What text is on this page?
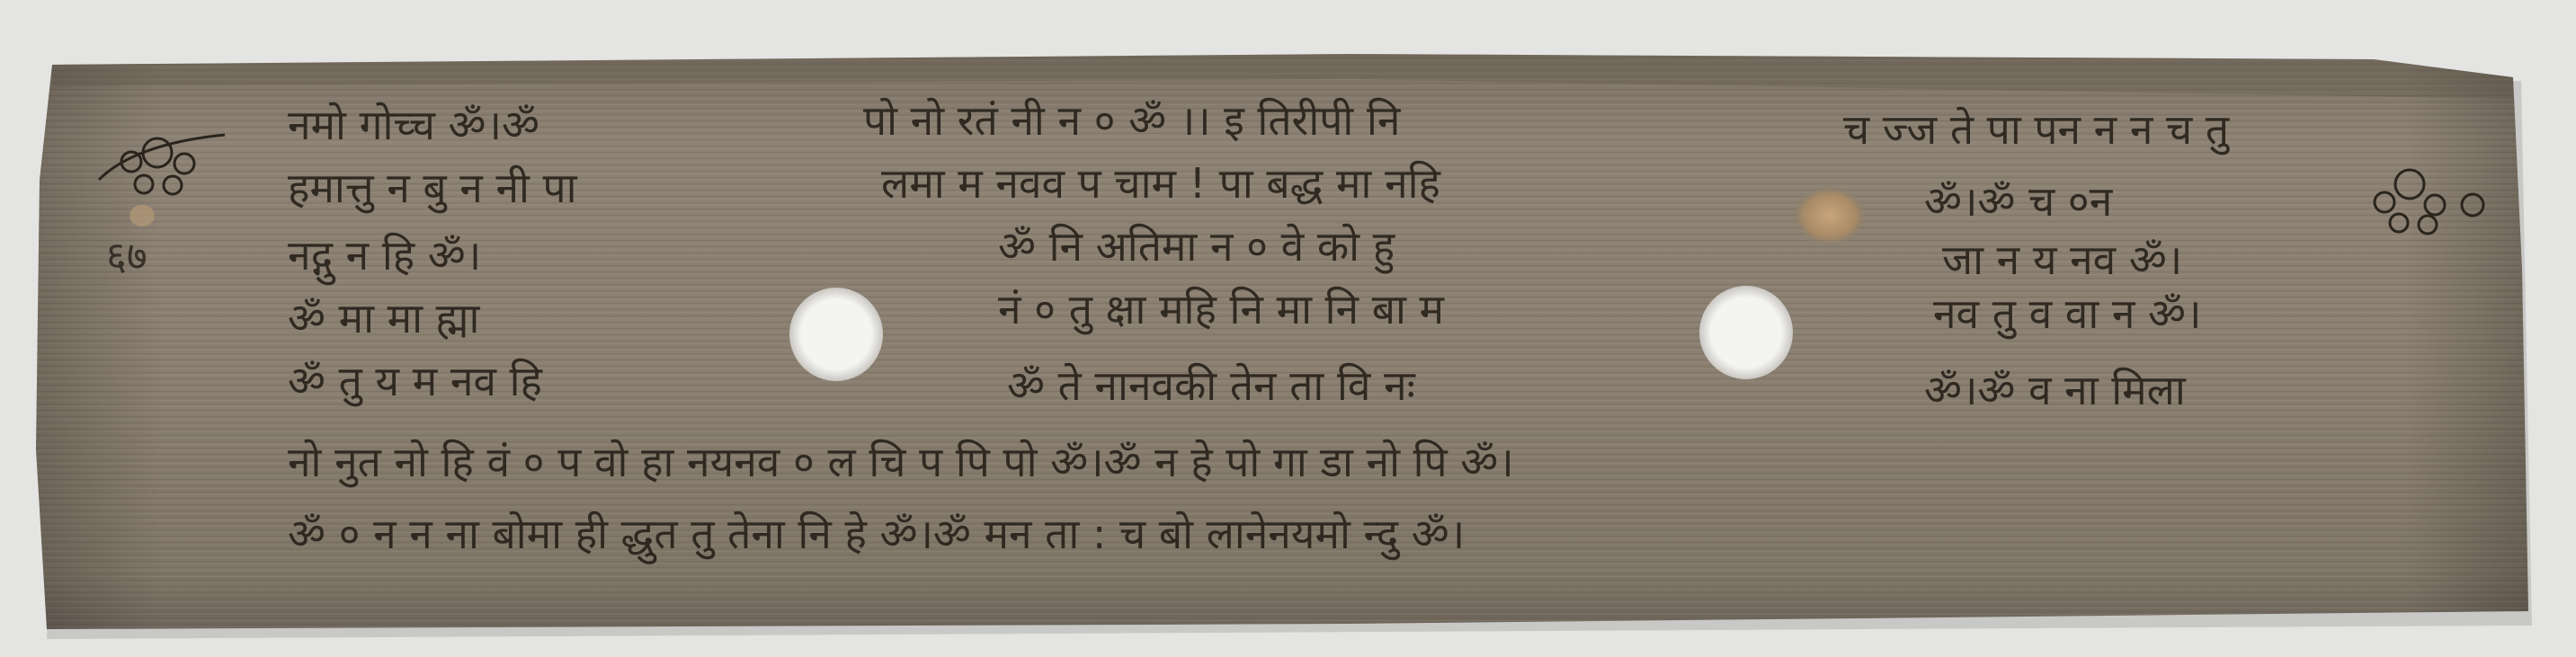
६७
नमो गोच्च ॐ।ॐ
हमात्तु न बु न नी पा
नद्गु न हि ॐ।
ॐ मा मा ह्मा
ॐ तु य म नव हि
पो नो रतं नी न ० ॐ ।। इ तिरीपी नि
लमा म नवव प चाम ! पा बद्ध मा नहि
ॐ नि अतिमा न ० वे को हु
नं ० तु क्षा महि नि मा नि बा म
ॐ ते नानवकी तेन ता वि नः
च ज्ज ते पा पन न न च तु
ॐ।ॐ च ०न
जा न य नव ॐ।
नव तु व वा न ॐ।
ॐ।ॐ व ना मिला
नो नुत नो हि वं ० प वो हा नयनव ० ल चि प पि पो ॐ।ॐ न हे पो गा डा नो पि ॐ।
ॐ ० न न ना बोमा ही द्धुत तु तेना नि हे ॐ।ॐ मन ता : च बो लानेनयमो न्दु ॐ।
